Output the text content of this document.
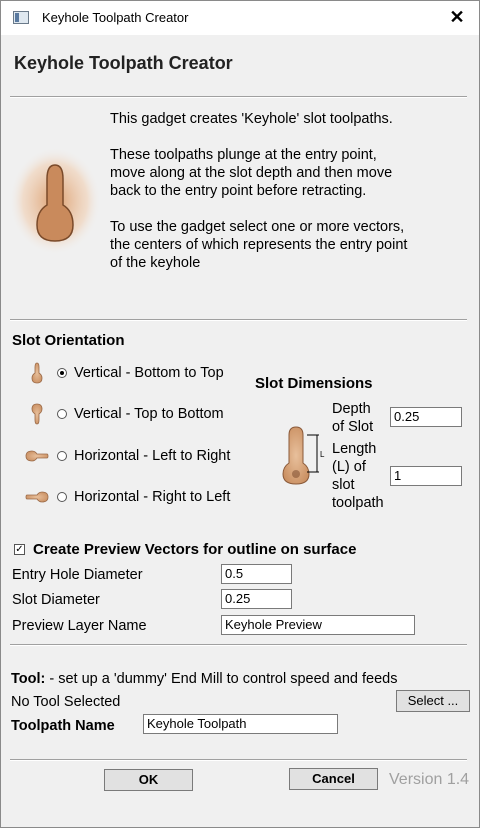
Keyhole Toolpath Creator	✕
Keyhole Toolpath Creator

This gadget creates 'Keyhole' slot toolpaths.

These toolpaths plunge at the entry point, move along at the slot depth and then move back to the entry point before retracting.

To use the gadget select one or more vectors, the centers of which represents the entry point of the keyhole

Slot Orientation
Vertical - Bottom to Top
Vertical - Top to Bottom
Horizontal - Left to Right
Horizontal - Right to Left
Slot Dimensions
L
Depth
of Slot
0.25
Length
(L) of
slot
toolpath
1
✓ Create Preview Vectors for outline on surface
Entry Hole Diameter	0.5
Slot Diameter	0.25
Preview Layer Name	Keyhole Preview
Tool: - set up a 'dummy' End Mill to control speed and feeds
No Tool Selected	Select ...
Toolpath Name	Keyhole Toolpath
OK	Cancel	Version 1.4
